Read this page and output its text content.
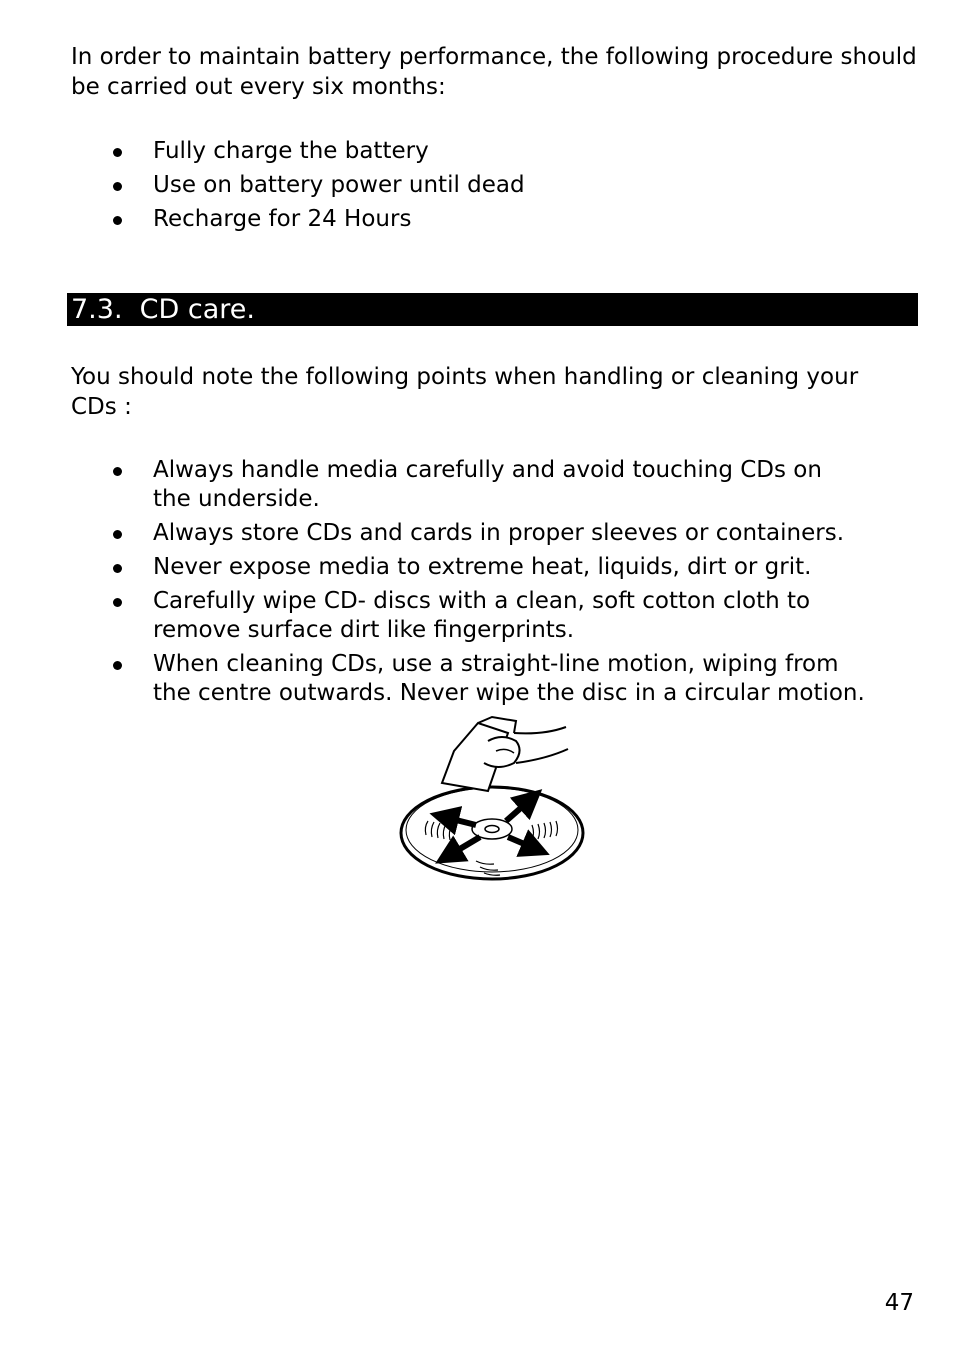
In order to maintain battery performance, the following procedure should be carried out every six months:

Fully charge the battery
Use on battery power until dead
Recharge for 24 Hours
7.3.  CD care.

You should note the following points when handling or cleaning your CDs :

Always handle media carefully and avoid touching CDs on the underside.
Always store CDs and cards in proper sleeves or containers.
Never expose media to extreme heat, liquids, dirt or grit.
Carefully wipe CD- discs with a clean, soft cotton cloth to remove surface dirt like fingerprints.
When cleaning CDs, use a straight-line motion, wiping from the centre outwards. Never wipe the disc in a circular motion.
47
